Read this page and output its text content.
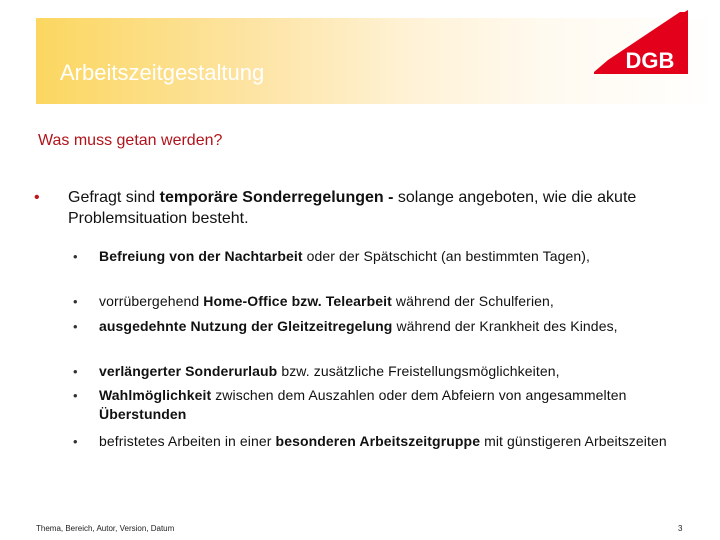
Arbeitszeitgestaltung	DGB
Was muss getan werden?
• Gefragt sind temporäre Sonderregelungen - solange angeboten, wie die akute Problemsituation besteht.
• Befreiung von der Nachtarbeit oder der Spätschicht (an bestimmten Tagen),
• vorrübergehend Home-Office bzw. Telearbeit während der Schulferien,
• ausgedehnte Nutzung der Gleitzeitregelung während der Krankheit des Kindes,
• verlängerter Sonderurlaub bzw. zusätzliche Freistellungsmöglichkeiten,
• Wahlmöglichkeit zwischen dem Auszahlen oder dem Abfeiern von angesammelten Überstunden
• befristetes Arbeiten in einer besonderen Arbeitszeitgruppe mit günstigeren Arbeitszeiten
Thema, Bereich, Autor, Version, Datum	3
